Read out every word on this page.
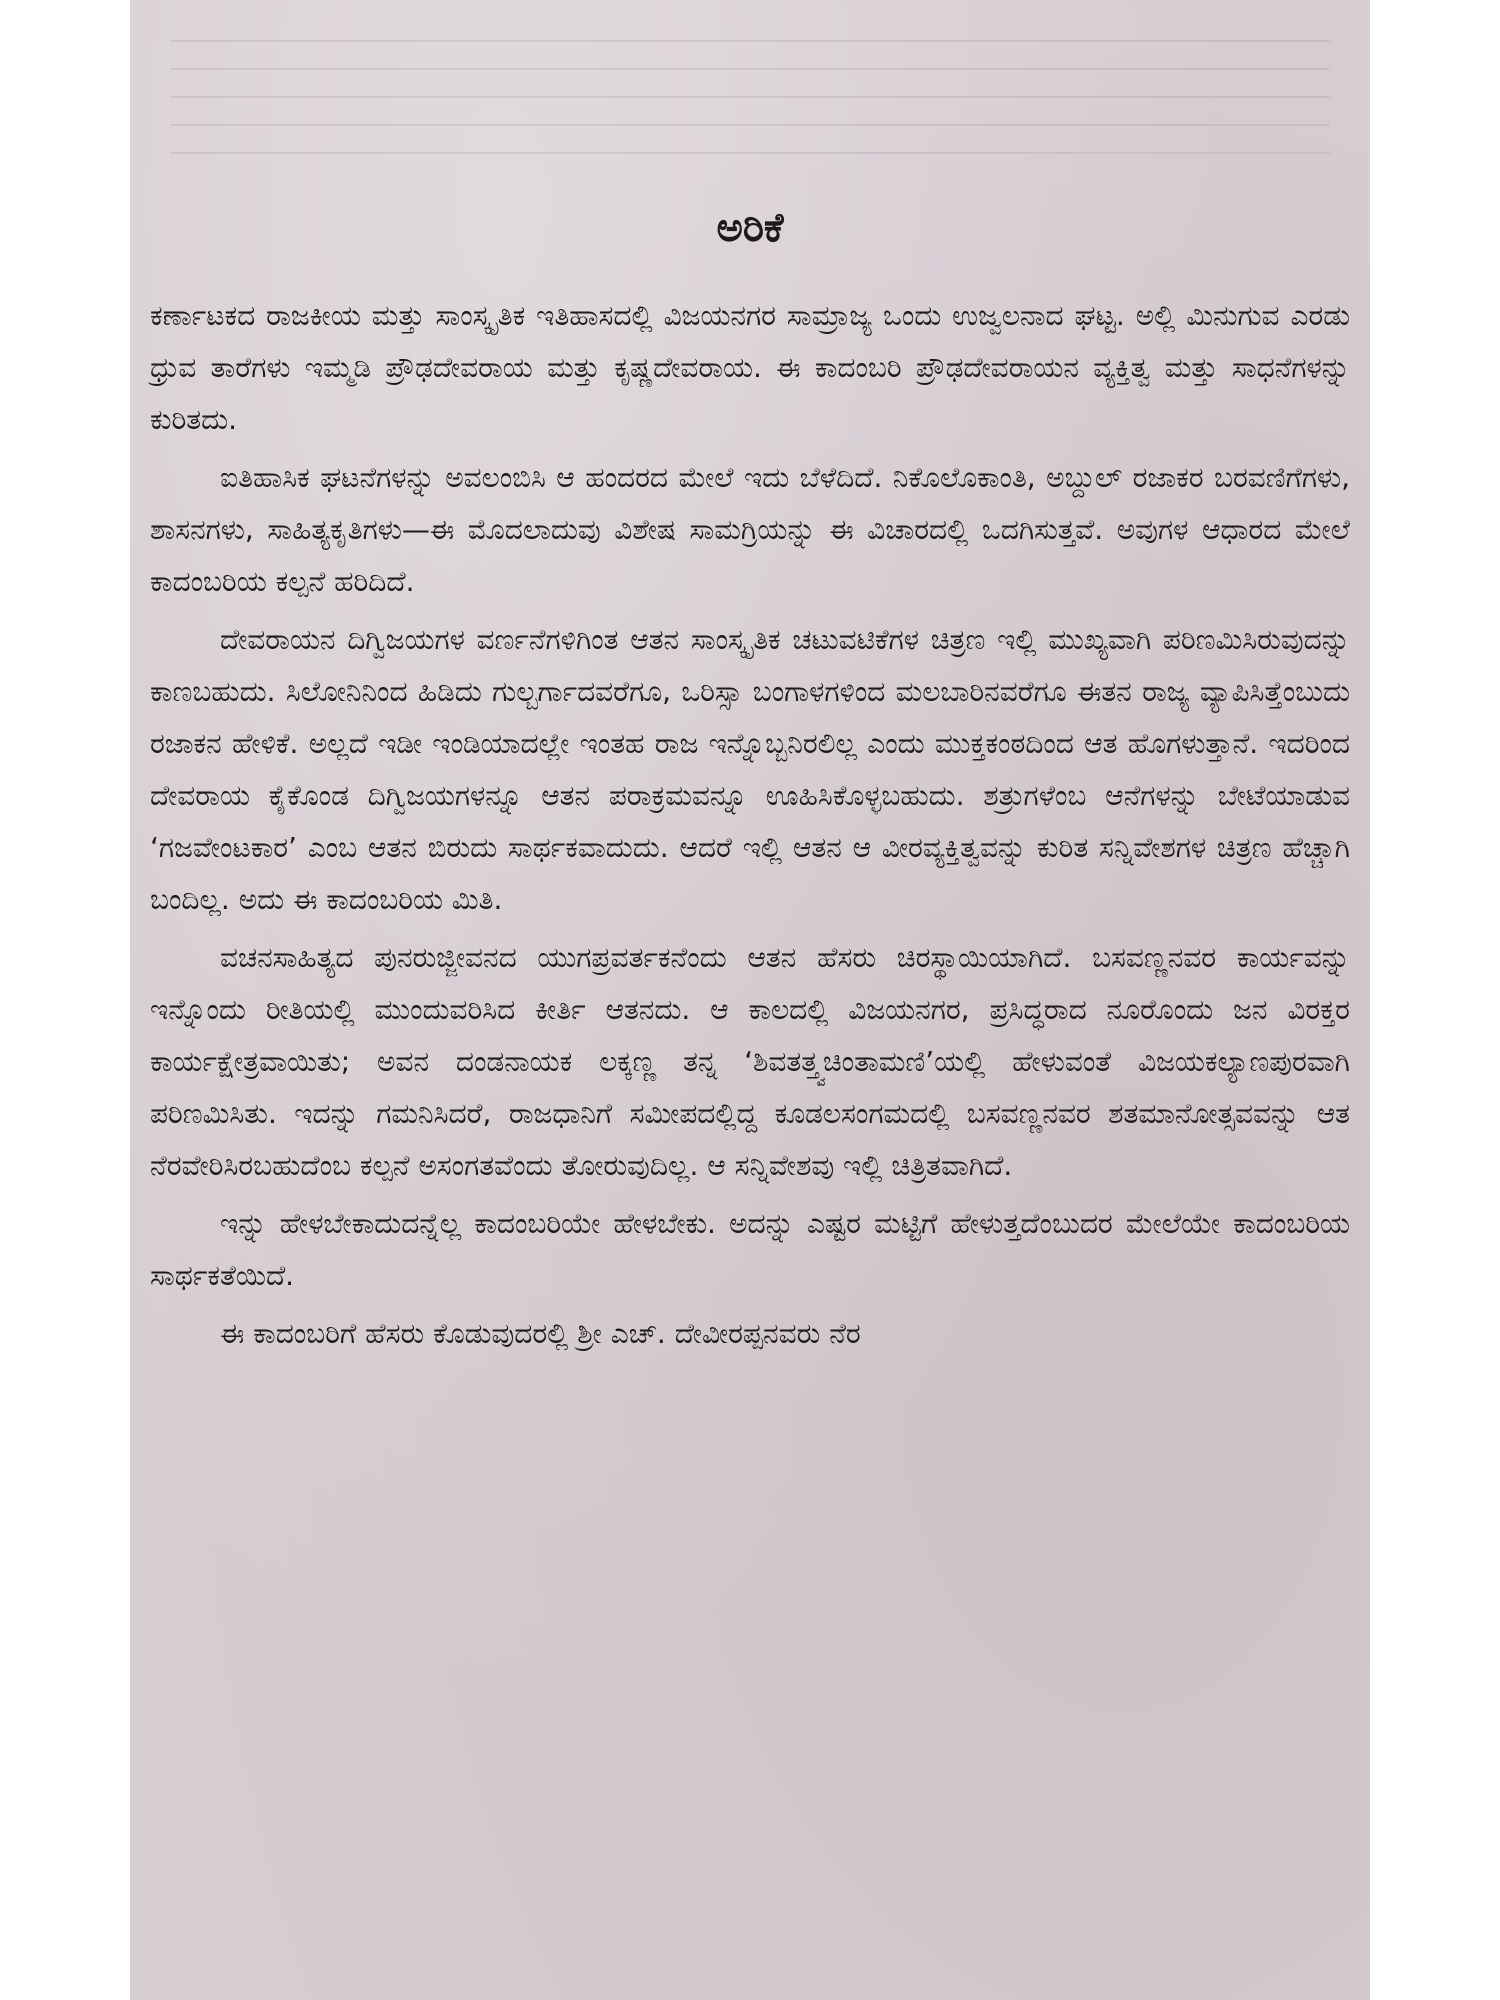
ಅರಿಕೆ

ಕರ್ಣಾಟಕದ ರಾಜಕೀಯ ಮತ್ತು ಸಾಂಸ್ಕೃತಿಕ ಇತಿಹಾಸದಲ್ಲಿ ವಿಜಯನಗರ ಸಾಮ್ರಾಜ್ಯ ಒಂದು ಉಜ್ವಲನಾದ ಘಟ್ಟ. ಅಲ್ಲಿ ಮಿನುಗುವ ಎರಡು ಧ್ರುವ ತಾರೆಗಳು ಇಮ್ಮಡಿ ಪ್ರೌಢದೇವರಾಯ ಮತ್ತು ಕೃಷ್ಣದೇವರಾಯ. ಈ ಕಾದಂಬರಿ ಪ್ರೌಢದೇವರಾಯನ ವ್ಯಕ್ತಿತ್ವ ಮತ್ತು ಸಾಧನೆಗಳನ್ನು ಕುರಿತದು.

ಐತಿಹಾಸಿಕ ಘಟನೆಗಳನ್ನು ಅವಲಂಬಿಸಿ ಆ ಹಂದರದ ಮೇಲೆ ಇದು ಬೆಳೆದಿದೆ. ನಿಕೊಲೊಕಾಂತಿ, ಅಬ್ದುಲ್ ರಜಾಕರ ಬರವಣಿಗೆಗಳು, ಶಾಸನಗಳು, ಸಾಹಿತ್ಯಕೃತಿಗಳು—ಈ ಮೊದಲಾದುವು ವಿಶೇಷ ಸಾಮಗ್ರಿಯನ್ನು ಈ ವಿಚಾರದಲ್ಲಿ ಒದಗಿಸುತ್ತವೆ. ಅವುಗಳ ಆಧಾರದ ಮೇಲೆ ಕಾದಂಬರಿಯ ಕಲ್ಪನೆ ಹರಿದಿದೆ.

ದೇವರಾಯನ ದಿಗ್ವಿಜಯಗಳ ವರ್ಣನೆಗಳಿಗಿಂತ ಆತನ ಸಾಂಸ್ಕೃತಿಕ ಚಟುವಟಿಕೆಗಳ ಚಿತ್ರಣ ಇಲ್ಲಿ ಮುಖ್ಯವಾಗಿ ಪರಿಣಮಿಸಿರುವುದನ್ನು ಕಾಣಬಹುದು. ಸಿಲೋನಿನಿಂದ ಹಿಡಿದು ಗುಲ್ಬರ್ಗಾದವರೆಗೂ, ಒರಿಸ್ಸಾ ಬಂಗಾಳಗಳಿಂದ ಮಲಬಾರಿನವರೆಗೂ ಈತನ ರಾಜ್ಯ ವ್ಯಾಪಿಸಿತ್ತೆಂಬುದು ರಜಾಕನ ಹೇಳಿಕೆ. ಅಲ್ಲದೆ ಇಡೀ ಇಂಡಿಯಾದಲ್ಲೇ ಇಂತಹ ರಾಜ ಇನ್ನೊಬ್ಬನಿರಲಿಲ್ಲ ಎಂದು ಮುಕ್ತಕಂಠದಿಂದ ಆತ ಹೊಗಳುತ್ತಾನೆ. ಇದರಿಂದ ದೇವರಾಯ ಕೈಕೊಂಡ ದಿಗ್ವಿಜಯಗಳನ್ನೂ ಆತನ ಪರಾಕ್ರಮವನ್ನೂ ಊಹಿಸಿಕೊಳ್ಳಬಹುದು. ಶತ್ರುಗಳೆಂಬ ಆನೆಗಳನ್ನು ಬೇಟೆಯಾಡುವ ‘ಗಜವೇಂಟಕಾರ’ ಎಂಬ ಆತನ ಬಿರುದು ಸಾರ್ಥಕವಾದುದು. ಆದರೆ ಇಲ್ಲಿ ಆತನ ಆ ವೀರವ್ಯಕ್ತಿತ್ವವನ್ನು ಕುರಿತ ಸನ್ನಿವೇಶಗಳ ಚಿತ್ರಣ ಹೆಚ್ಚಾಗಿ ಬಂದಿಲ್ಲ. ಅದು ಈ ಕಾದಂಬರಿಯ ಮಿತಿ.

ವಚನಸಾಹಿತ್ಯದ ಪುನರುಜ್ಜೀವನದ ಯುಗಪ್ರವರ್ತಕನೆಂದು ಆತನ ಹೆಸರು ಚಿರಸ್ಥಾಯಿಯಾಗಿದೆ. ಬಸವಣ್ಣನವರ ಕಾರ್ಯವನ್ನು ಇನ್ನೊಂದು ರೀತಿಯಲ್ಲಿ ಮುಂದುವರಿಸಿದ ಕೀರ್ತಿ ಆತನದು. ಆ ಕಾಲದಲ್ಲಿ ವಿಜಯನಗರ, ಪ್ರಸಿದ್ಧರಾದ ನೂರೊಂದು ಜನ ವಿರಕ್ತರ ಕಾರ್ಯಕ್ಷೇತ್ರವಾಯಿತು; ಅವನ ದಂಡನಾಯಕ ಲಕ್ಕಣ್ಣ ತನ್ನ ‘ಶಿವತತ್ತ್ವಚಿಂತಾಮಣಿ’ಯಲ್ಲಿ ಹೇಳುವಂತೆ ವಿಜಯಕಲ್ಯಾಣಪುರವಾಗಿ ಪರಿಣಮಿಸಿತು. ಇದನ್ನು ಗಮನಿಸಿದರೆ, ರಾಜಧಾನಿಗೆ ಸಮೀಪದಲ್ಲಿದ್ದ ಕೂಡಲಸಂಗಮದಲ್ಲಿ ಬಸವಣ್ಣನವರ ಶತಮಾನೋತ್ಸವವನ್ನು ಆತ ನೆರವೇರಿಸಿರಬಹುದೆಂಬ ಕಲ್ಪನೆ ಅಸಂಗತವೆಂದು ತೋರುವುದಿಲ್ಲ. ಆ ಸನ್ನಿವೇಶವು ಇಲ್ಲಿ ಚಿತ್ರಿತವಾಗಿದೆ.

ಇನ್ನು ಹೇಳಬೇಕಾದುದನ್ನೆಲ್ಲ ಕಾದಂಬರಿಯೇ ಹೇಳಬೇಕು. ಅದನ್ನು ಎಷ್ಟರ ಮಟ್ಟಿಗೆ ಹೇಳುತ್ತದೆಂಬುದರ ಮೇಲೆಯೇ ಕಾದಂಬರಿಯ ಸಾರ್ಥಕತೆಯಿದೆ.

ಈ ಕಾದಂಬರಿಗೆ ಹೆಸರು ಕೊಡುವುದರಲ್ಲಿ ಶ್ರೀ ಎಚ್. ದೇವೀರಪ್ಪನವರು ನೆರ
